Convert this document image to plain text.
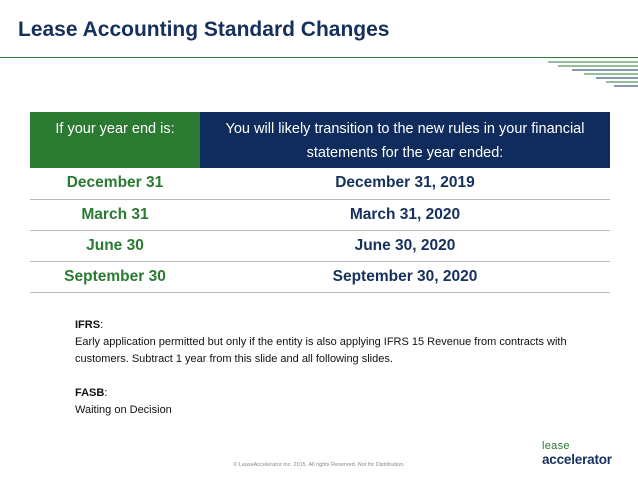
Lease Accounting Standard Changes
If your year end is:	You will likely transition to the new rules in your financial statements for the year ended:
December 31	December 31, 2019
March 31	March 31, 2020
June 30	June 30, 2020
September 30	September 30, 2020
IFRS:
Early application permitted but only if the entity is also applying IFRS 15 Revenue from contracts with customers. Subtract 1 year from this slide and all following slides.
FASB:
Waiting on Decision
© LeaseAccelerator Inc. 2015. All rights Reserved. Not for Distribution.
lease
accelerator
